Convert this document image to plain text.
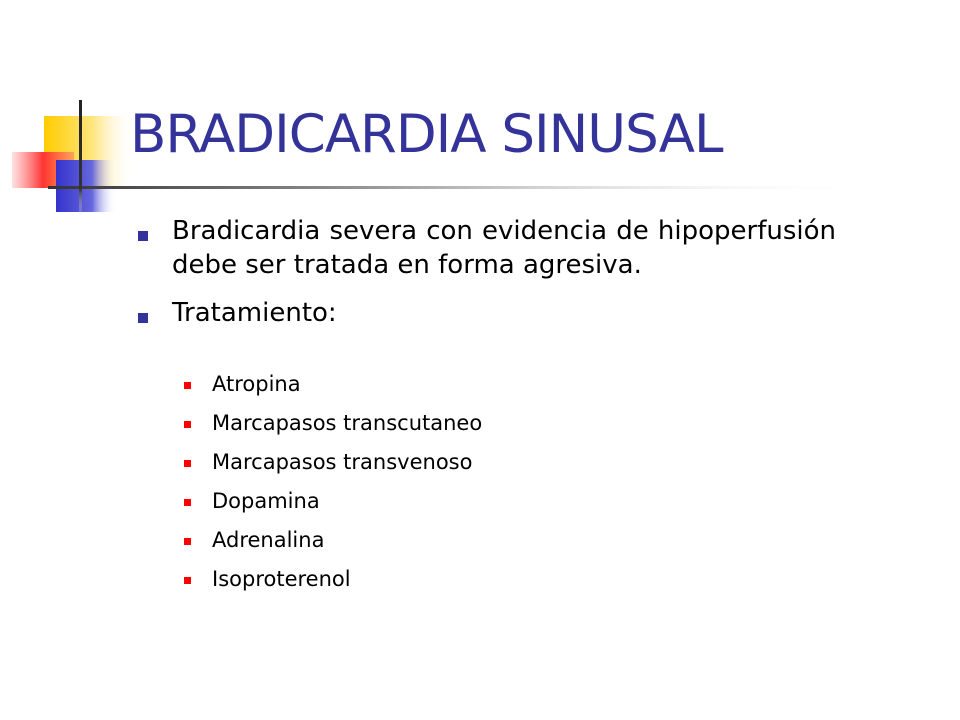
BRADICARDIA SINUSAL
Bradicardia severa con evidencia de hipoperfusión debe ser tratada en forma agresiva.
Tratamiento:
Atropina
Marcapasos transcutaneo
Marcapasos transvenoso
Dopamina
Adrenalina
Isoproterenol
